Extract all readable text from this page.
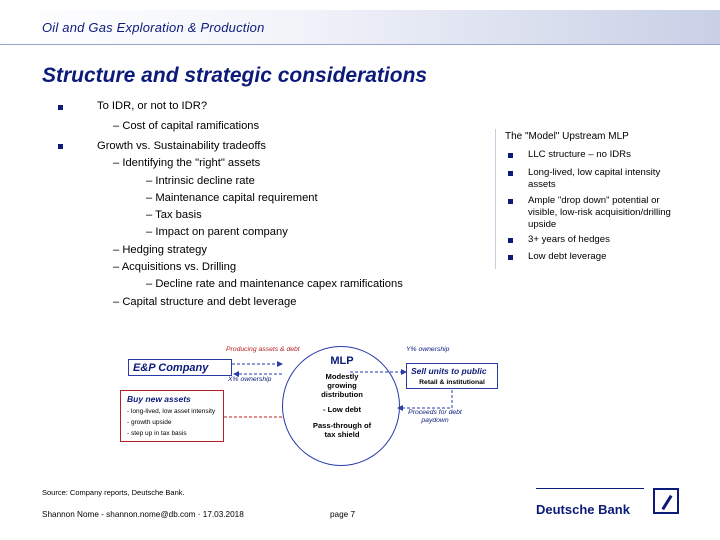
Oil and Gas Exploration & Production
Structure and strategic considerations
To IDR, or not to IDR?
– Cost of capital ramifications
Growth vs. Sustainability tradeoffs
– Identifying the "right" assets
– Intrinsic decline rate
– Maintenance capital requirement
– Tax basis
– Impact on parent company
– Hedging strategy
– Acquisitions vs. Drilling
– Decline rate and maintenance capex ramifications
– Capital structure and debt leverage
The "Model" Upstream MLP
LLC structure – no IDRs
Long-lived, low capital intensity assets
Ample "drop down" potential or visible, low-risk acquisition/drilling upside
3+ years of hedges
Low debt leverage
E&P Company
Producing assets & debt
X% ownership
Buy new assets
- long-lived, low asset intensity
- growth upside
- step up in tax basis
MLP
Modestly
growing
distribution
- Low debt
Pass-through of
tax shield
Y% ownership
Sell units to public
Retail & institutional
Proceeds for debt paydown
Source: Company reports, Deutsche Bank.
Shannon Nome - shannon.nome@db.com · 17.03.2018	page 7	Deutsche Bank
